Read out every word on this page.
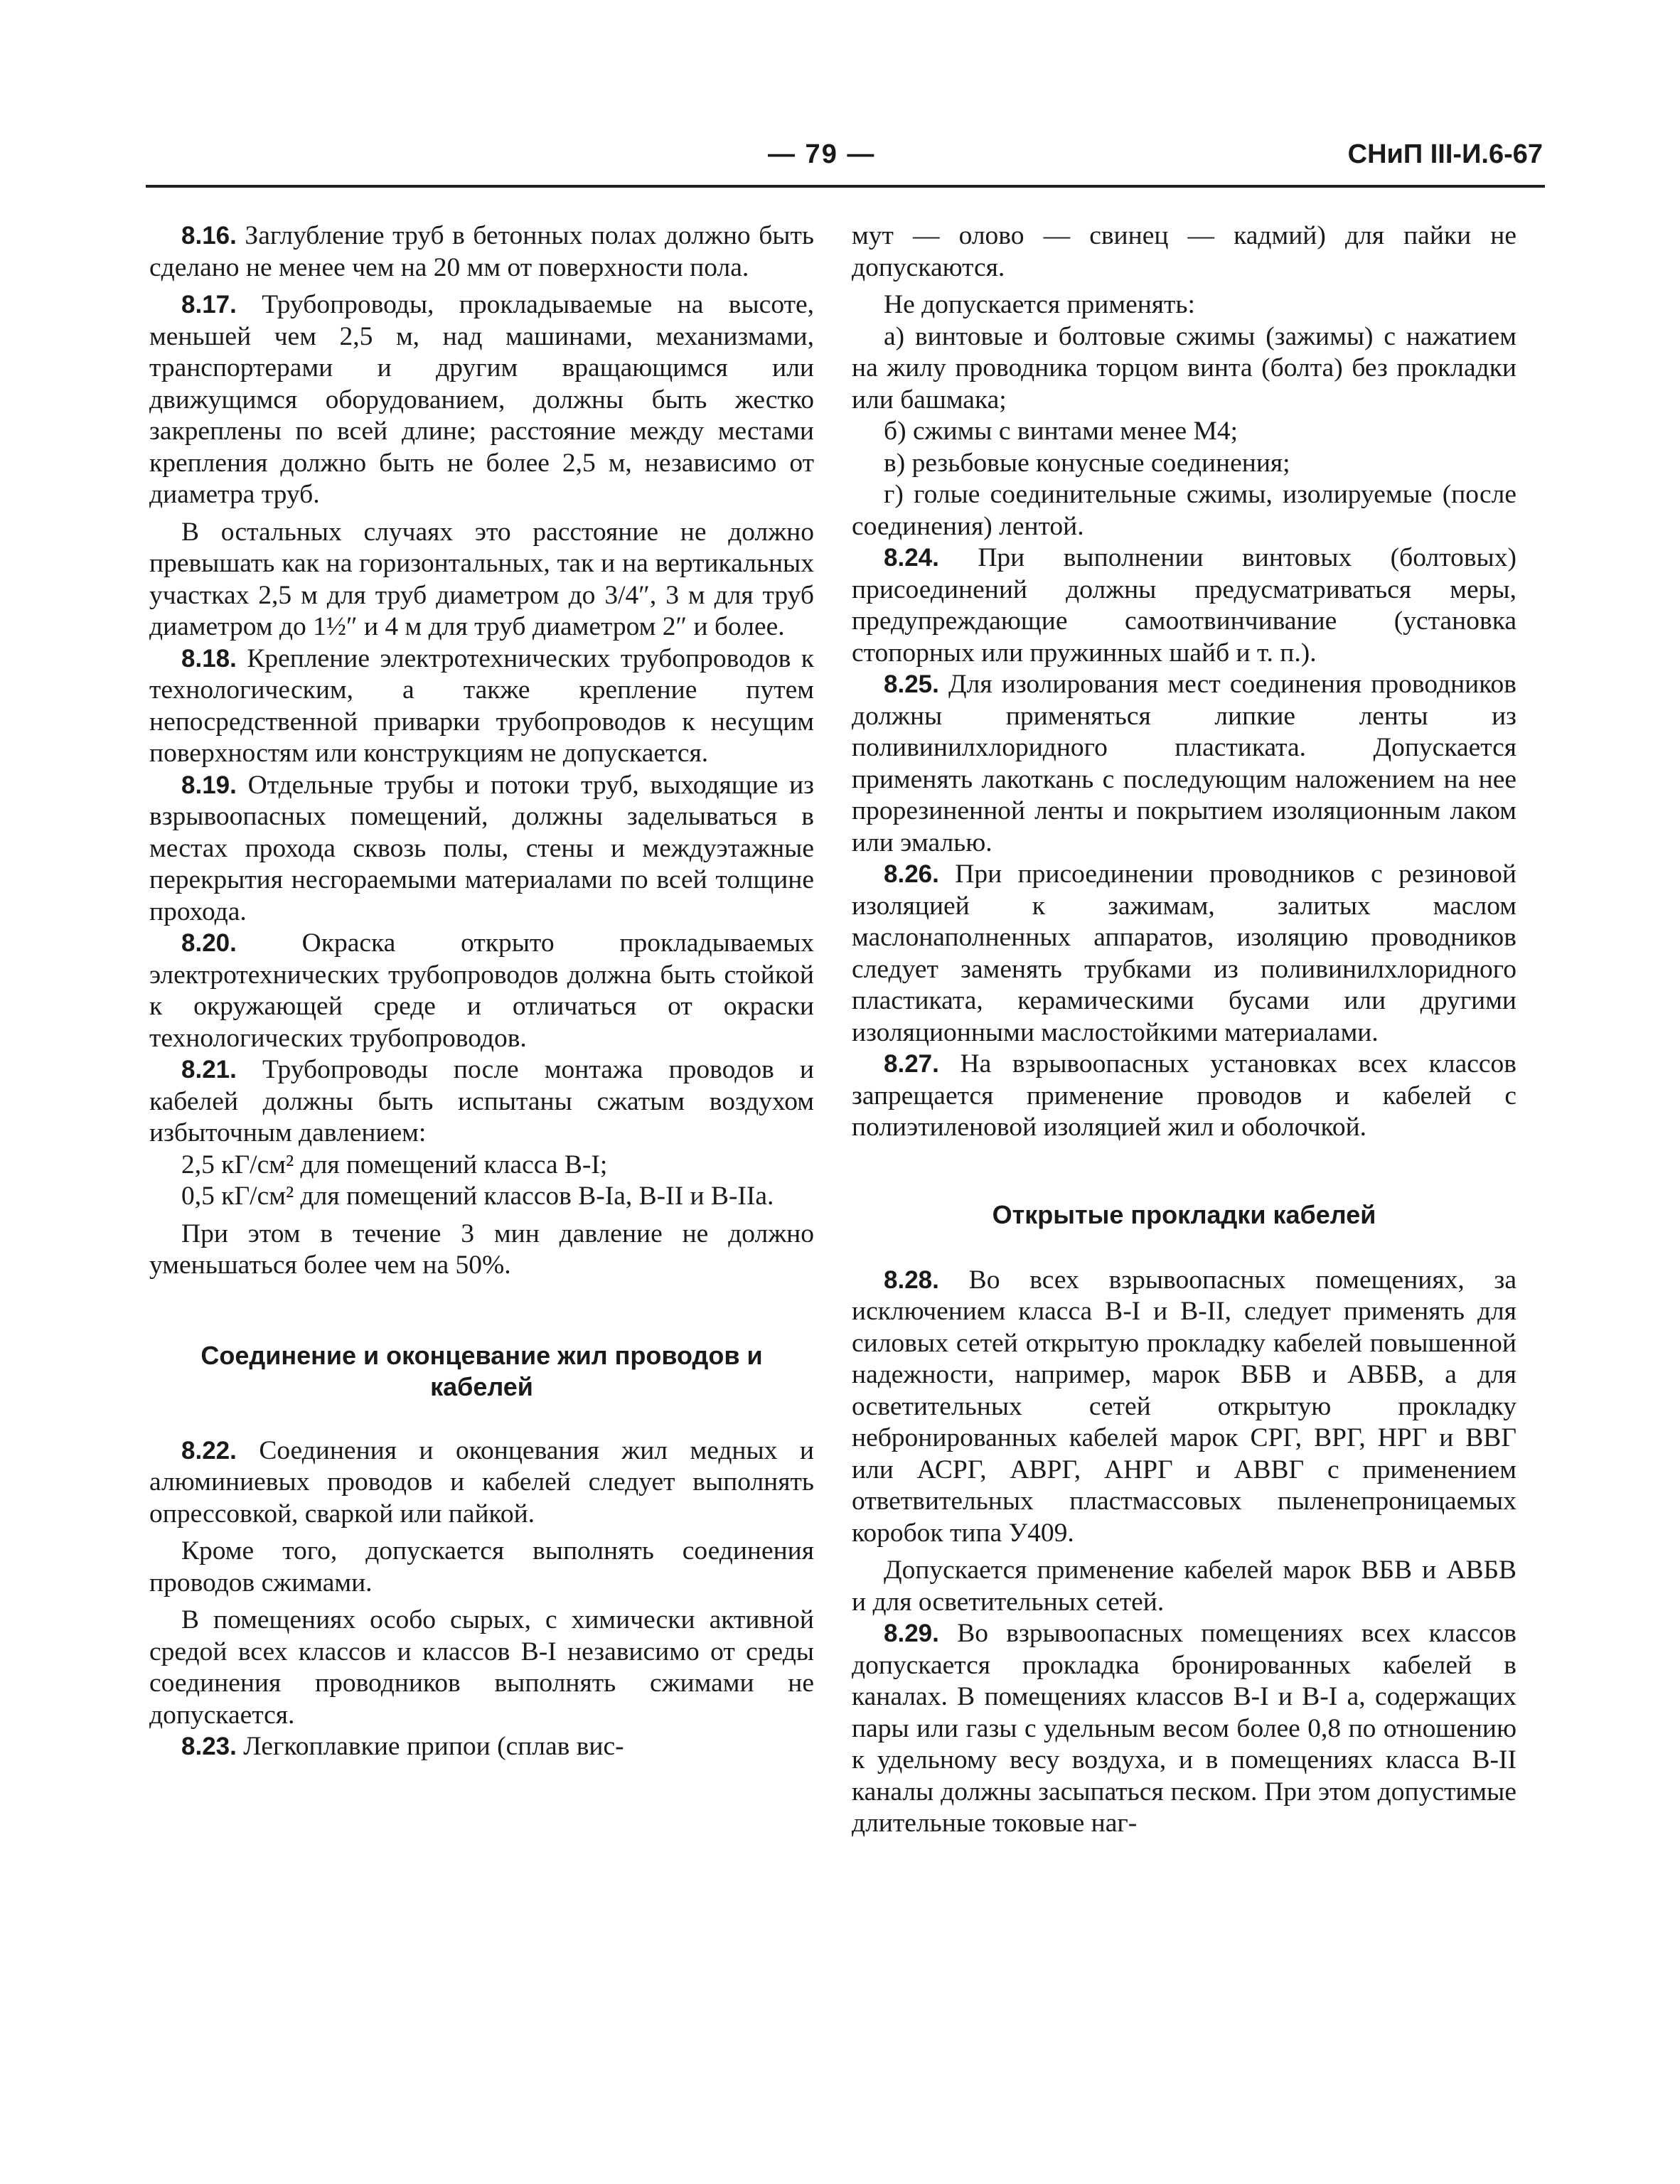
— 79 —	СНиП III-И.6-67

8.16. Заглубление труб в бетонных полах должно быть сделано не менее чем на 20 мм от поверхности пола.

8.17. Трубопроводы, прокладываемые на высоте, меньшей чем 2,5 м, над машинами, механизмами, транспортерами и другим вращающимся или движущимся оборудованием, должны быть жестко закреплены по всей длине; расстояние между местами крепления должно быть не более 2,5 м, независимо от диаметра труб.

В остальных случаях это расстояние не должно превышать как на горизонтальных, так и на вертикальных участках 2,5 м для труб диаметром до 3/4″, 3 м для труб диаметром до 1½″ и 4 м для труб диаметром 2″ и более.

8.18. Крепление электротехнических трубопроводов к технологическим, а также крепление путем непосредственной приварки трубопроводов к несущим поверхностям или конструкциям не допускается.

8.19. Отдельные трубы и потоки труб, выходящие из взрывоопасных помещений, должны заделываться в местах прохода сквозь полы, стены и междуэтажные перекрытия несгораемыми материалами по всей толщине прохода.

8.20. Окраска открыто прокладываемых электротехнических трубопроводов должна быть стойкой к окружающей среде и отличаться от окраски технологических трубопроводов.

8.21. Трубопроводы после монтажа проводов и кабелей должны быть испытаны сжатым воздухом избыточным давлением:

2,5 кГ/см² для помещений класса В-I;

0,5 кГ/см² для помещений классов В-Iа, В-II и В-IIа.

При этом в течение 3 мин давление не должно уменьшаться более чем на 50%.

Соединение и оконцевание жил проводов и кабелей

8.22. Соединения и оконцевания жил медных и алюминиевых проводов и кабелей следует выполнять опрессовкой, сваркой или пайкой.

Кроме того, допускается выполнять соединения проводов сжимами.

В помещениях особо сырых, с химически активной средой всех классов и классов В-I независимо от среды соединения проводников выполнять сжимами не допускается.

8.23. Легкоплавкие припои (сплав вис-

мут — олово — свинец — кадмий) для пайки не допускаются.

Не допускается применять:

а) винтовые и болтовые сжимы (зажимы) с нажатием на жилу проводника торцом винта (болта) без прокладки или башмака;

б) сжимы с винтами менее М4;

в) резьбовые конусные соединения;

г) голые соединительные сжимы, изолируемые (после соединения) лентой.

8.24. При выполнении винтовых (болтовых) присоединений должны предусматриваться меры, предупреждающие самоотвинчивание (установка стопорных или пружинных шайб и т. п.).

8.25. Для изолирования мест соединения проводников должны применяться липкие ленты из поливинилхлоридного пластиката. Допускается применять лакоткань с последующим наложением на нее прорезиненной ленты и покрытием изоляционным лаком или эмалью.

8.26. При присоединении проводников с резиновой изоляцией к зажимам, залитых маслом маслонаполненных аппаратов, изоляцию проводников следует заменять трубками из поливинилхлоридного пластиката, керамическими бусами или другими изоляционными маслостойкими материалами.

8.27. На взрывоопасных установках всех классов запрещается применение проводов и кабелей с полиэтиленовой изоляцией жил и оболочкой.

Открытые прокладки кабелей

8.28. Во всех взрывоопасных помещениях, за исключением класса В-I и В-II, следует применять для силовых сетей открытую прокладку кабелей повышенной надежности, например, марок ВБВ и АВБВ, а для осветительных сетей открытую прокладку небронированных кабелей марок СРГ, ВРГ, НРГ и ВВГ или АСРГ, АВРГ, АНРГ и АВВГ с применением ответвительных пластмассовых пыленепроницаемых коробок типа У409.

Допускается применение кабелей марок ВБВ и АВБВ и для осветительных сетей.

8.29. Во взрывоопасных помещениях всех классов допускается прокладка бронированных кабелей в каналах. В помещениях классов В-I и В-I а, содержащих пары или газы с удельным весом более 0,8 по отношению к удельному весу воздуха, и в помещениях класса В-II каналы должны засыпаться песком. При этом допустимые длительные токовые наг-
